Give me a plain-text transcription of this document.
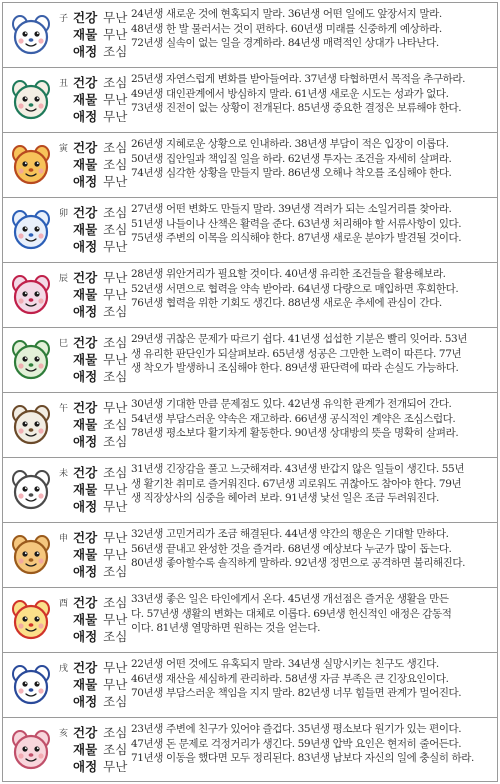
子 건강 무난
재물 무난
애정 조심
24년생 새로운 것에 현혹되지 말라. 36년생 어떤 일에도 앞장서지 말라.
48년생 한 발 물러서는 것이 편하다. 60년생 미래를 신중하게 예상하라.
72년생 실속이 없는 일을 경계하라. 84년생 매력적인 상대가 나타난다.
丑 건강 조심
재물 무난
애정 무난
25년생 자연스럽게 변화를 받아들여라. 37년생 타협하면서 목적을 추구하라.
49년생 대인관계에서 방심하지 말라. 61년생 새로운 시도는 성과가 없다.
73년생 진전이 없는 상황이 전개된다. 85년생 중요한 결정은 보류해야 한다.
寅 건강 조심
재물 조심
애정 무난
26년생 지혜로운 상황으로 인내하라. 38년생 부담이 적은 입장이 이롭다.
50년생 집안일과 책임질 일을 하라. 62년생 투자는 조건을 자세히 살펴라.
74년생 심각한 상황을 만들지 말라. 86년생 오해나 착오를 조심해야 한다.
卯 건강 조심
재물 조심
애정 무난
27년생 어떤 변화도 만들지 말라. 39년생 격려가 되는 소일거리를 찾아라.
51년생 나들이나 산책은 활력을 준다. 63년생 처리해야 할 서류사항이 있다.
75년생 주변의 이목을 의식해야 한다. 87년생 새로운 분야가 발견될 것이다.
辰 건강 무난
재물 무난
애정 조심
28년생 위안거리가 필요할 것이다. 40년생 유리한 조건들을 활용해보라.
52년생 서면으로 협력을 약속 받아라. 64년생 다량으로 매입하면 후회한다.
76년생 협력을 위한 기회도 생긴다. 88년생 새로운 추세에 관심이 간다.
巳 건강 조심
재물 무난
애정 조심
29년생 귀찮은 문제가 따르기 쉽다. 41년생 섭섭한 기분은 빨리 잊어라. 53년
생 유리한 판단인가 되살펴보라. 65년생 성공은 그만한 노력이 따른다. 77년
생 착오가 발생하니 조심해야 한다. 89년생 판단력에 따라 손실도 가능하다.
午 건강 무난
재물 조심
애정 조심
30년생 기대한 만큼 문제점도 있다. 42년생 유익한 관계가 전개되어 간다.
54년생 부담스러운 약속은 재고하라. 66년생 공식적인 계약은 조심스럽다.
78년생 평소보다 활기차게 활동한다. 90년생 상대방의 뜻을 명확히 살펴라.
未 건강 조심
재물 무난
애정 무난
31년생 긴장감을 풀고 느긋해져라. 43년생 반갑지 않은 일들이 생긴다. 55년
생 활기찬 취미로 즐거워진다. 67년생 괴로워도 귀찮아도 참아야 한다. 79년
생 직장상사의 심중을 헤아려 보라. 91년생 낯선 일은 조금 두려워진다.
申 건강 무난
재물 무난
애정 조심
32년생 고민거리가 조금 해결된다. 44년생 약간의 행운은 기대할 만하다.
56년생 끝내고 완성한 것을 즐겨라. 68년생 예상보다 누군가 많이 돕는다.
80년생 좋아할수록 솔직하게 말하라. 92년생 정면으로 공격하면 불리해진다.
酉 건강 조심
재물 무난
애정 조심
33년생 좋은 일은 타인에게서 온다. 45년생 개선점은 즐거운 생활을 만든
다. 57년생 생활의 변화는 대체로 이롭다. 69년생 헌신적인 애정은 감동적
이다. 81년생 열망하면 원하는 것을 얻는다.
戌 건강 무난
재물 무난
애정 조심
22년생 어떤 것에도 유혹되지 말라. 34년생 실망시키는 친구도 생긴다.
46년생 재산을 세심하게 관리하라. 58년생 자금 부족은 큰 긴장요인이다.
70년생 부담스러운 책임을 지지 말라. 82년생 너무 힘들면 관계가 멀어진다.
亥 건강 조심
재물 조심
애정 무난
23년생 주변에 친구가 있어야 즐겁다. 35년생 평소보다 원기가 있는 편이다.
47년생 돈 문제로 걱정거리가 생긴다. 59년생 압박 요인은 현저히 줄어든다.
71년생 이동을 했다면 모두 정리된다. 83년생 남보다 자신의 일에 충실히 하라.
